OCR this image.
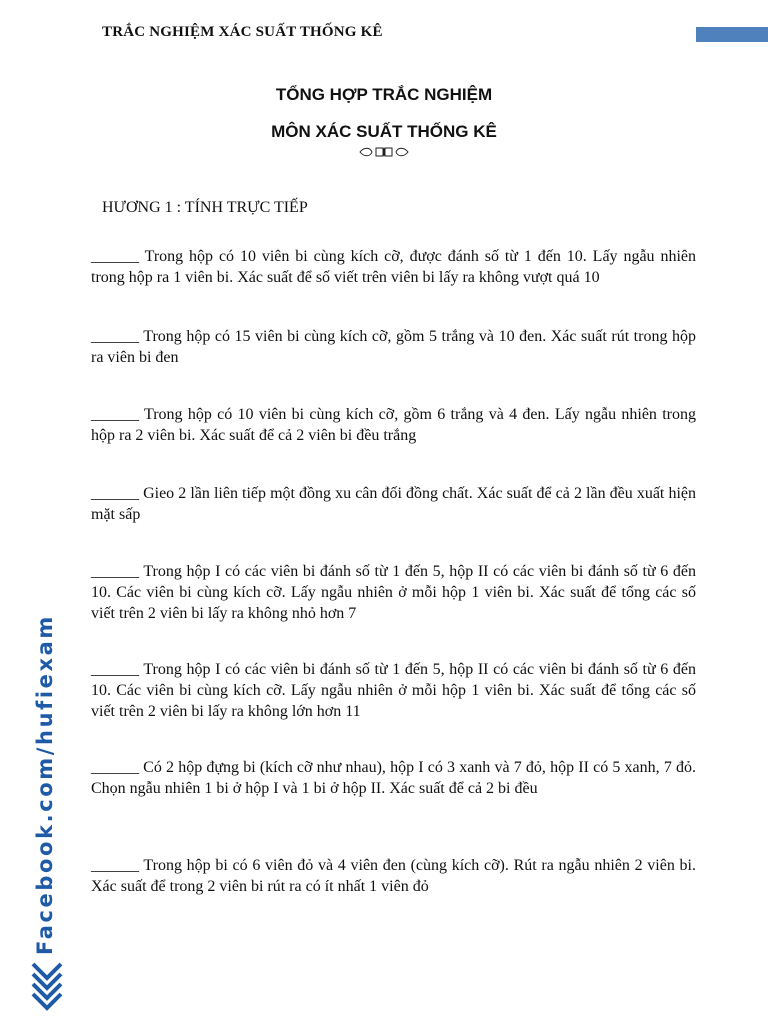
TRẮC NGHIỆM XÁC SUẤT THỐNG KÊ
TỔNG HỢP TRẮC NGHIỆM
MÔN XÁC SUẤT THỐNG KÊ
HƯƠNG 1 : TÍNH TRỰC TIẾP
______ Trong hộp có 10 viên bi cùng kích cỡ, được đánh số từ 1 đến 10. Lấy ngẫu nhiên trong hộp ra 1 viên bi. Xác suất để số viết trên viên bi lấy ra không vượt quá 10
______ Trong hộp có 15 viên bi cùng kích cỡ, gồm 5 trắng và 10 đen. Xác suất rút trong hộp ra viên bi đen
______ Trong hộp có 10 viên bi cùng kích cỡ, gồm 6 trắng và 4 đen. Lấy ngẫu nhiên trong hộp ra 2 viên bi. Xác suất để cả 2 viên bi đều trắng
______ Gieo 2 lần liên tiếp một đồng xu cân đối đồng chất. Xác suất để cả 2 lần đều xuất hiện mặt sấp
______ Trong hộp I có các viên bi đánh số từ 1 đến 5, hộp II có các viên bi đánh số từ 6 đến 10. Các viên bi cùng kích cỡ. Lấy ngẫu nhiên ở mỗi hộp 1 viên bi. Xác suất để tổng các số viết trên 2 viên bi lấy ra không nhỏ hơn 7
______ Trong hộp I có các viên bi đánh số từ 1 đến 5, hộp II có các viên bi đánh số từ 6 đến 10. Các viên bi cùng kích cỡ. Lấy ngẫu nhiên ở mỗi hộp 1 viên bi. Xác suất để tổng các số viết trên 2 viên bi lấy ra không lớn hơn 11
______ Có 2 hộp đựng bi (kích cỡ như nhau), hộp I có 3 xanh và 7 đỏ, hộp II có 5 xanh, 7 đỏ. Chọn ngẫu nhiên 1 bi ở hộp I và 1 bi ở hộp II. Xác suất để cả 2 bi đều
______ Trong hộp bi có 6 viên đỏ và 4 viên đen (cùng kích cỡ). Rút ra ngẫu nhiên 2 viên bi. Xác suất để trong 2 viên bi rút ra có ít nhất 1 viên đỏ
Facebook.com/hufiexam
